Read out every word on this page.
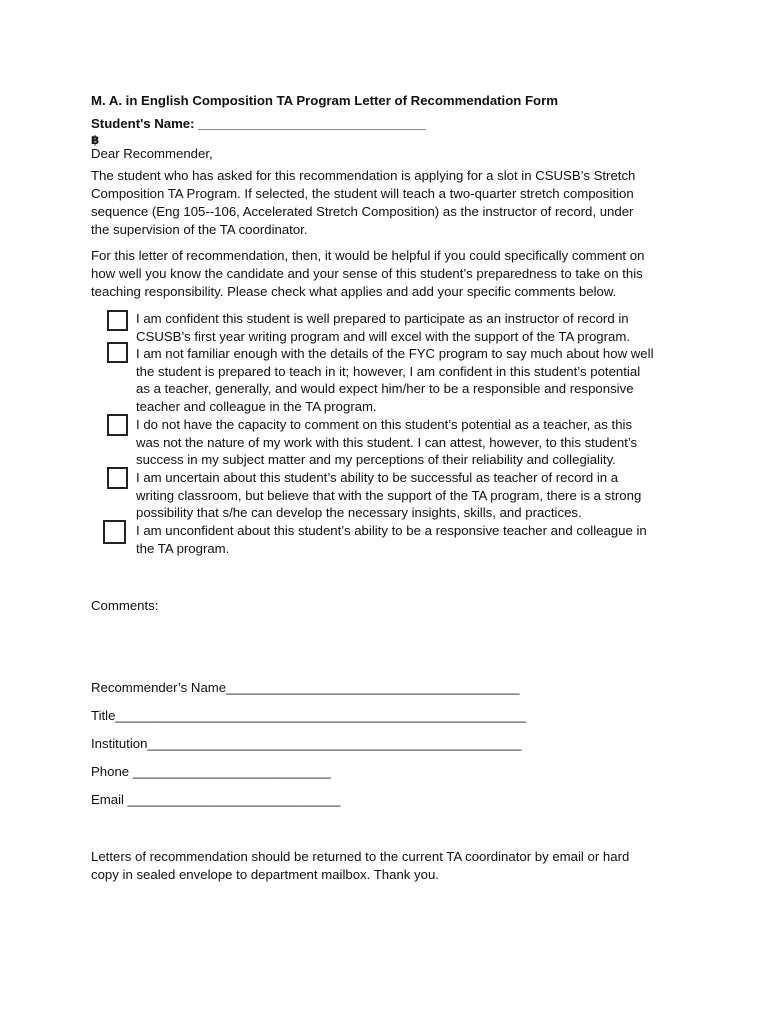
M. A. in English Composition TA Program Letter of Recommendation Form
Student's Name: _______________________________
฿
Dear Recommender,
The student who has asked for this recommendation is applying for a slot in CSUSB’s Stretch
Composition TA Program. If selected, the student will teach a two-quarter stretch composition
sequence (Eng 105--106, Accelerated Stretch Composition) as the instructor of record, under
the supervision of the TA coordinator.
For this letter of recommendation, then, it would be helpful if you could specifically comment on
how well you know the candidate and your sense of this student’s preparedness to take on this
teaching responsibility. Please check what applies and add your specific comments below.
I am confident this student is well prepared to participate as an instructor of record in
CSUSB’s first year writing program and will excel with the support of the TA program.
I am not familiar enough with the details of the FYC program to say much about how well
the student is prepared to teach in it; however, I am confident in this student’s potential
as a teacher, generally, and would expect him/her to be a responsible and responsive
teacher and colleague in the TA program.
I do not have the capacity to comment on this student’s potential as a teacher, as this
was not the nature of my work with this student. I can attest, however, to this student’s
success in my subject matter and my perceptions of their reliability and collegiality.
I am uncertain about this student’s ability to be successful as teacher of record in a
writing classroom, but believe that with the support of the TA program, there is a strong
possibility that s/he can develop the necessary insights, skills, and practices.
I am unconfident about this student’s ability to be a responsive teacher and colleague in
the TA program.
Comments:
Recommender’s Name________________________________________
Title________________________________________________________
Institution___________________________________________________
Phone ___________________________
Email _____________________________
Letters of recommendation should be returned to the current TA coordinator by email or hard
copy in sealed envelope to department mailbox. Thank you.
